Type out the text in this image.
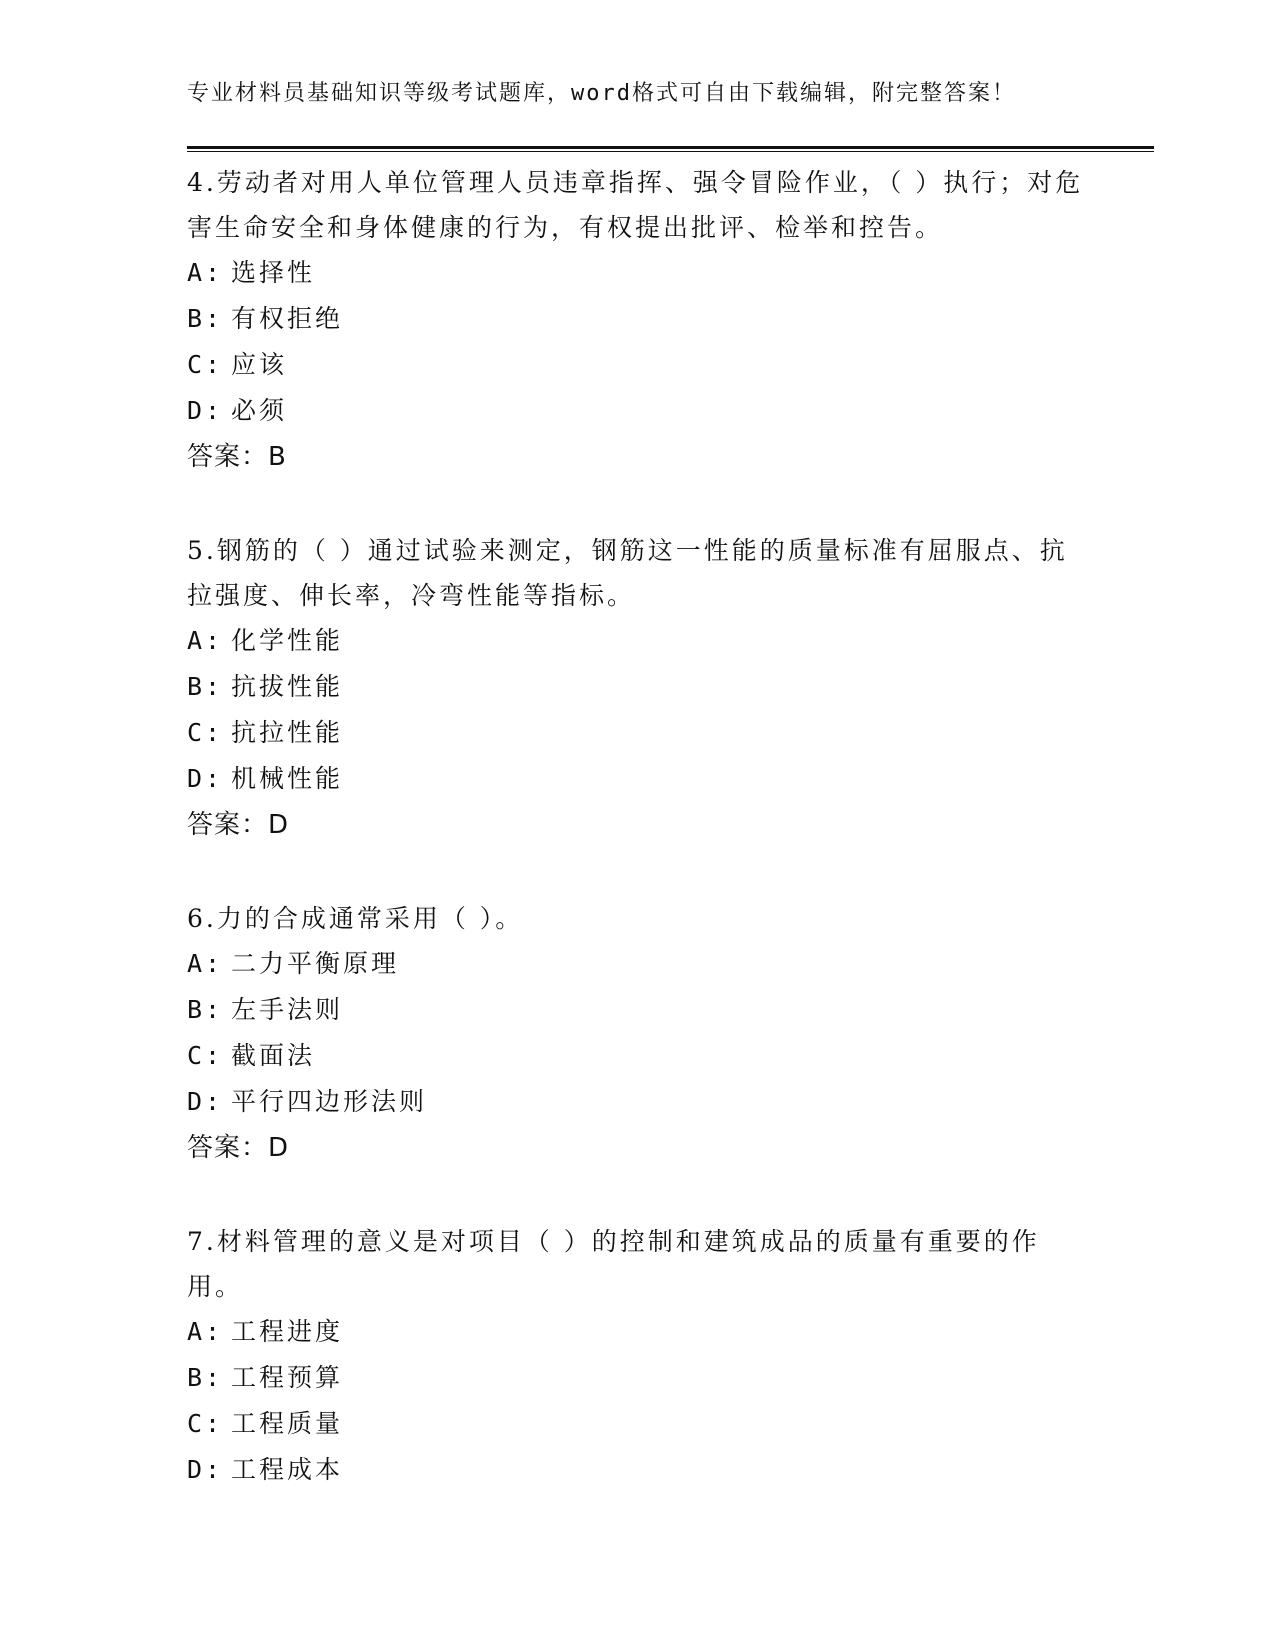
专业材料员基础知识等级考试题库，word格式可自由下载编辑，附完整答案！

4.劳动者对用人单位管理人员违章指挥、强令冒险作业，（ ）执行；对危害生命安全和身体健康的行为，有权提出批评、检举和控告。

A: 选择性

B: 有权拒绝

C: 应该

D: 必须

答案：B

5.钢筋的（ ）通过试验来测定，钢筋这一性能的质量标准有屈服点、抗拉强度、伸长率，冷弯性能等指标。

A: 化学性能

B: 抗拔性能

C: 抗拉性能

D: 机械性能

答案：D

6.力的合成通常采用（ ）。

A: 二力平衡原理

B: 左手法则

C: 截面法

D: 平行四边形法则

答案：D

7.材料管理的意义是对项目（ ）的控制和建筑成品的质量有重要的作用。

A: 工程进度

B: 工程预算

C: 工程质量

D: 工程成本
